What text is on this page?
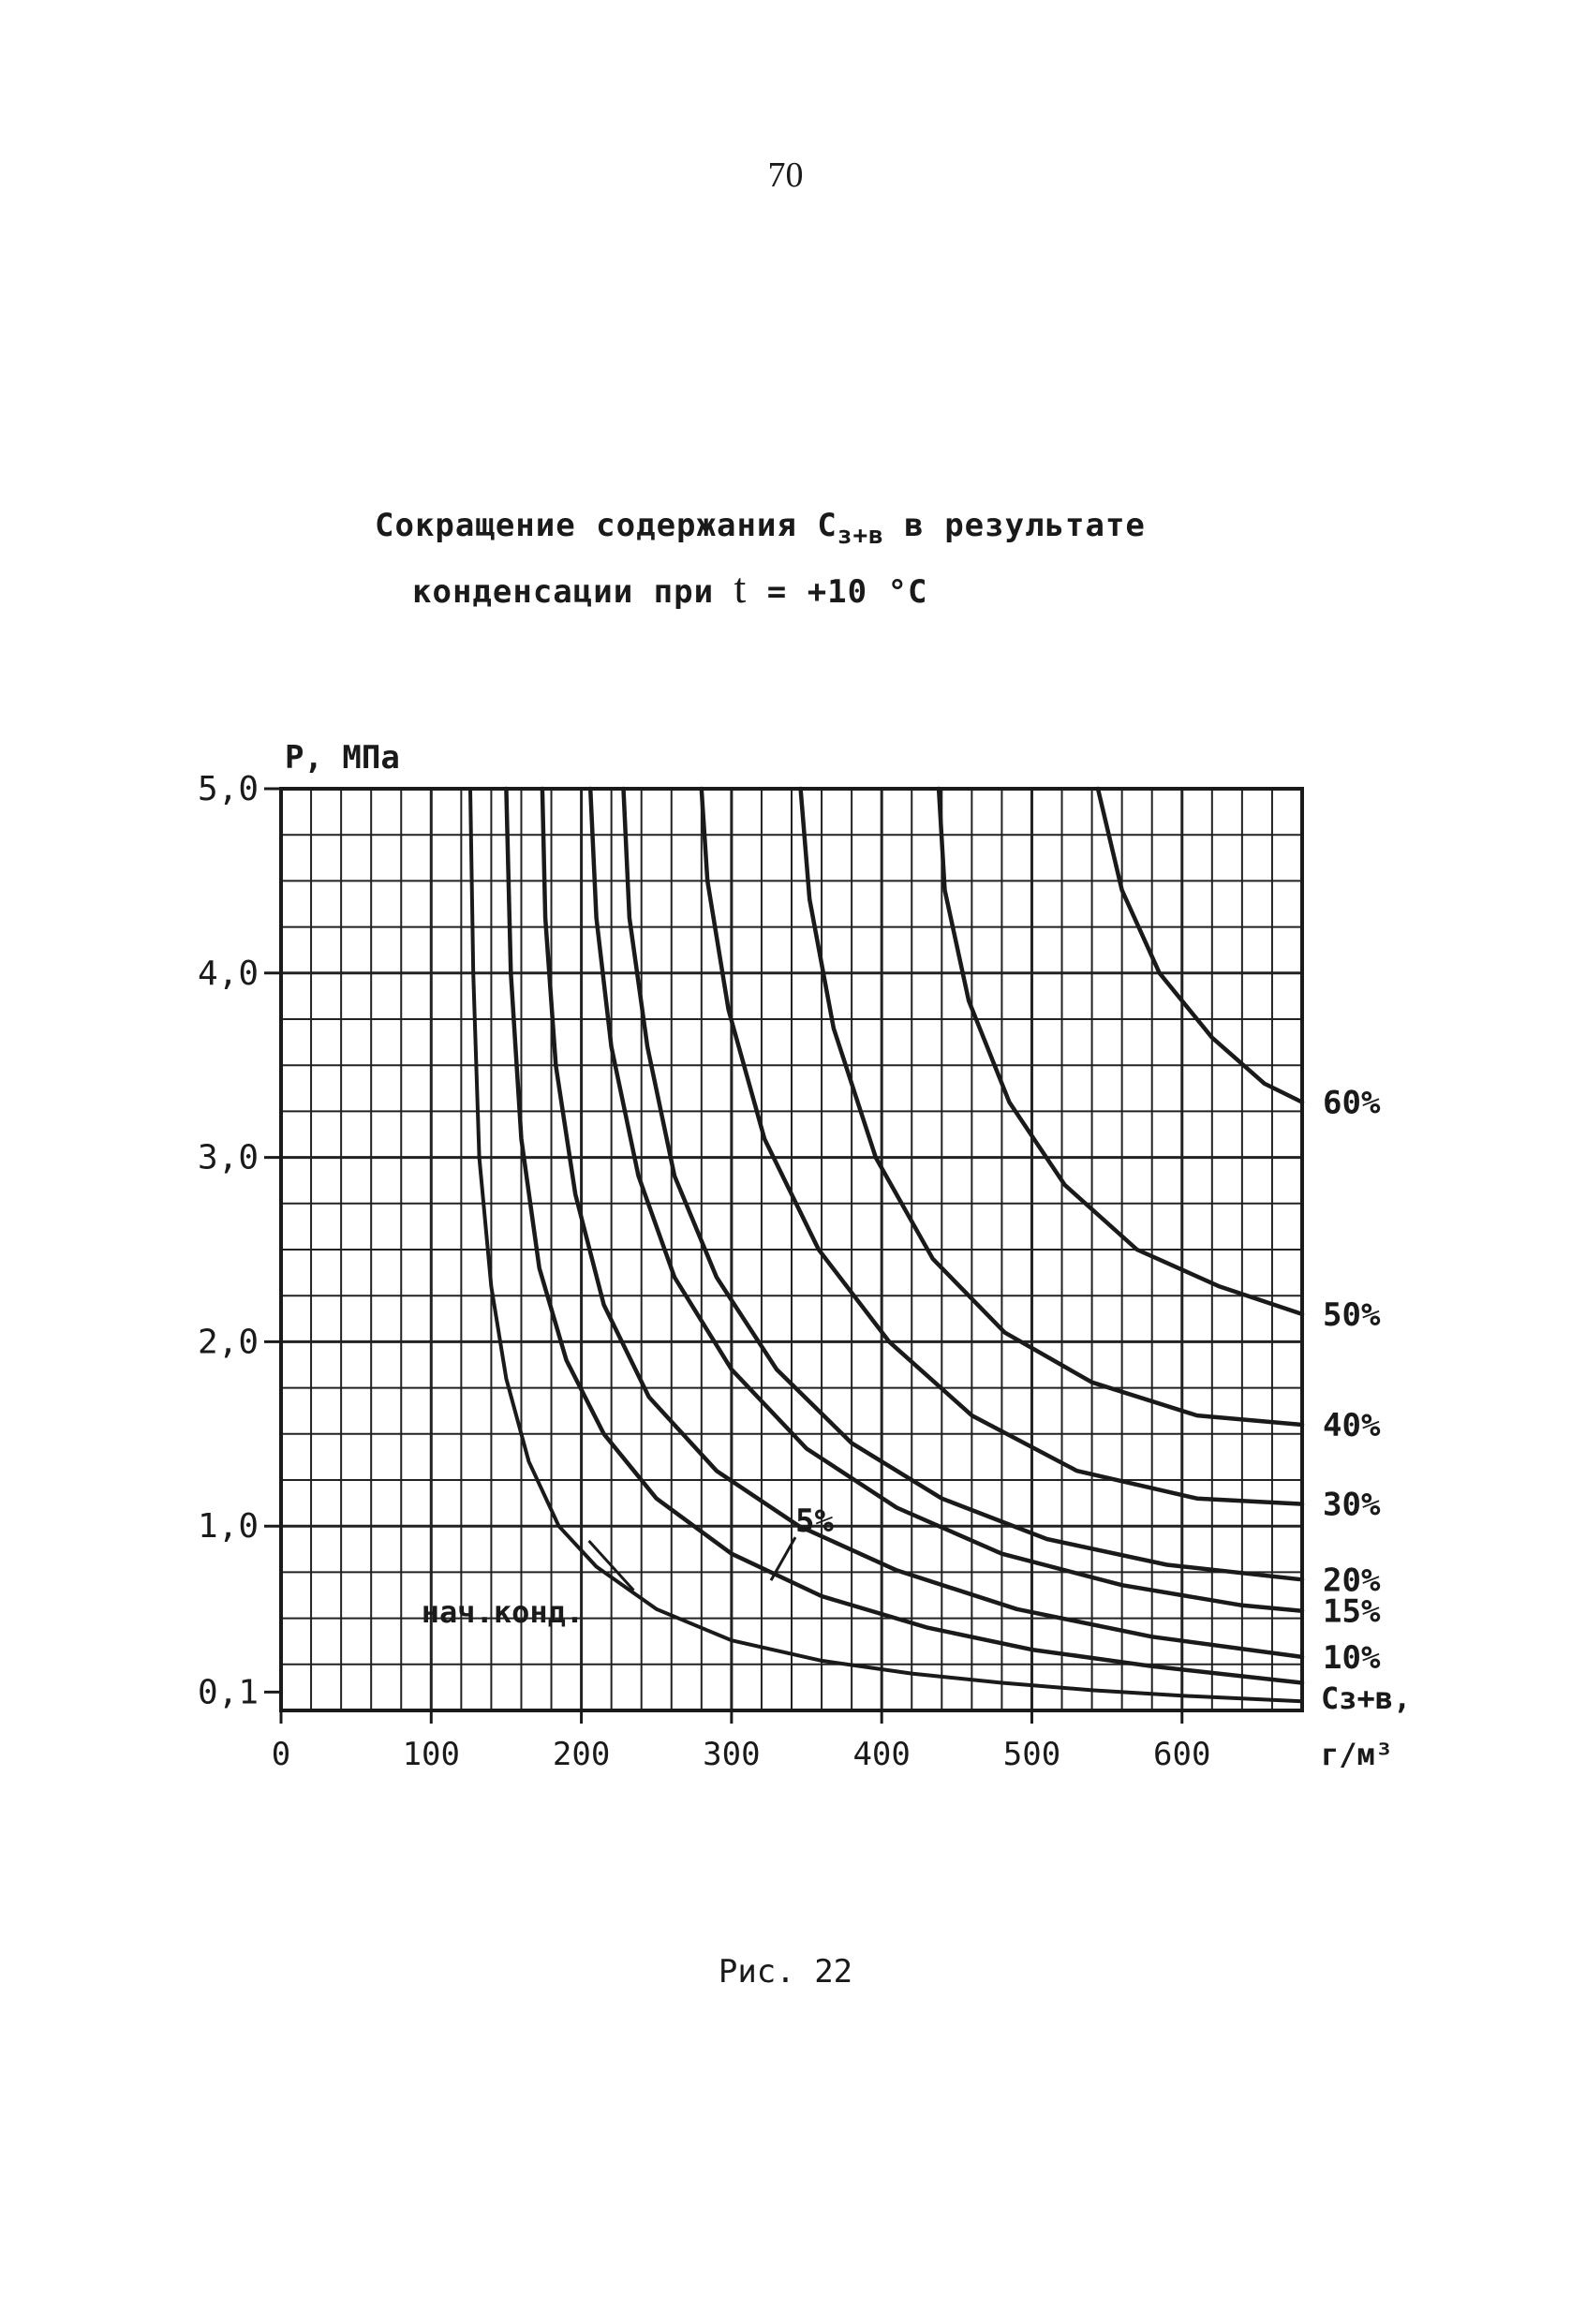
70
Сокращение содержания $C_{з+в}$ в результате
конденсации при t = +10 °C
0	100	200	300	400	500	600
0,1
1,0
2,0
3,0
4,0
5,0
Р, МПа
Cз+в,
г/м³
10%
15%
20%
30%
40%
50%
60%
нач.конд.
5%
Рис. 22
